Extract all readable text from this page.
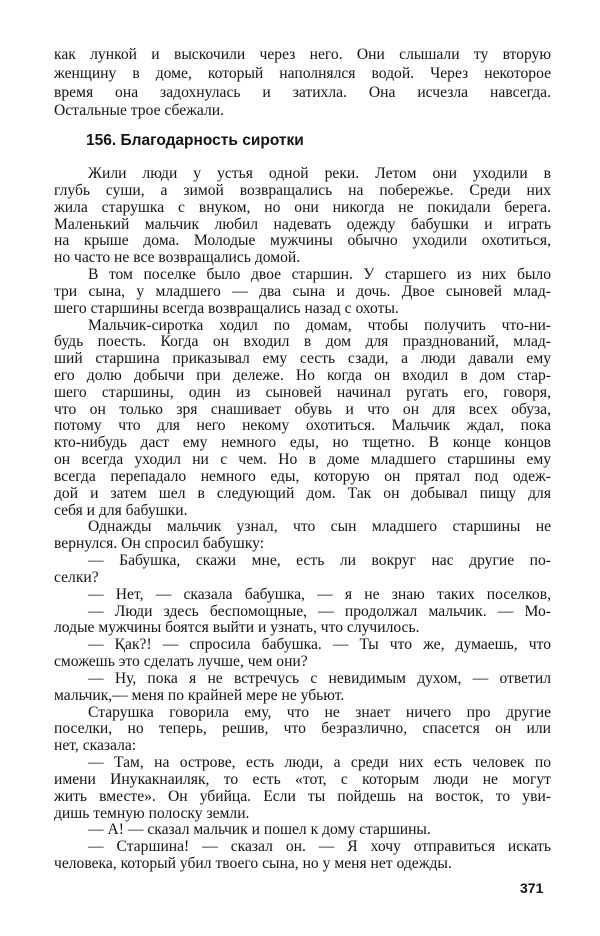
как лункой и выскочили через него. Они слышали ту вторую
женщину в доме, который наполнялся водой. Через некоторое
время она задохнулась и затихла. Она исчезла навсегда.
Остальные трое сбежали.
156. Благодарность сиротки
Жили люди у устья одной реки. Летом они уходили в
глубь суши, а зимой возвращались на побережье. Среди них
жила старушка с внуком, но они никогда не покидали берега.
Маленький мальчик любил надевать одежду бабушки и играть
на крыше дома. Молодые мужчины обычно уходили охотиться,
но часто не все возвращались домой.
В том поселке было двое старшин. У старшего из них было
три сына, у младшего — два сына и дочь. Двое сыновей млад-
шего старшины всегда возвращались назад с охоты.
Мальчик-сиротка ходил по домам, чтобы получить что-ни-
будь поесть. Когда он входил в дом для празднований, млад-
ший старшина приказывал ему сесть сзади, а люди давали ему
его долю добычи при дележе. Но когда он входил в дом стар-
шего старшины, один из сыновей начинал ругать его, говоря,
что он только зря снашивает обувь и что он для всех обуза,
потому что для него некому охотиться. Мальчик ждал, пока
кто-нибудь даст ему немного еды, но тщетно. В конце концов
он всегда уходил ни с чем. Но в доме младшего старшины ему
всегда перепадало немного еды, которую он прятал под одеж-
дой и затем шел в следующий дом. Так он добывал пищу для
себя и для бабушки.
Однажды мальчик узнал, что сын младшего старшины не
вернулся. Он спросил бабушку:
— Бабушка, скажи мне, есть ли вокруг нас другие по-
селки?
— Нет, — сказала бабушка, — я не знаю таких поселков,
— Люди здесь беспомощные, — продолжал мальчик. — Мо-
лодые мужчины боятся выйти и узнать, что случилось.
— Қак?! — спросила бабушка. — Ты что же, думаешь, что
сможешь это сделать лучше, чем они?
— Ну, пока я не встречусь с невидимым духом, — ответил
мальчик,— меня по крайней мере не убьют.
Старушка говорила ему, что не знает ничего про другие
поселки, но теперь, решив, что безразлично, спасется он или
нет, сказала:
— Там, на острове, есть люди, а среди них есть человек по
имени Инукакнаиляк, то есть «тот, с которым люди не могут
жить вместе». Он убийца. Если ты пойдешь на восток, то уви-
дишь темную полоску земли.
— А! — сказал мальчик и пошел к дому старшины.
— Старшина! — сказал он. — Я хочу отправиться искать
человека, который убил твоего сына, но у меня нет одежды.
371
